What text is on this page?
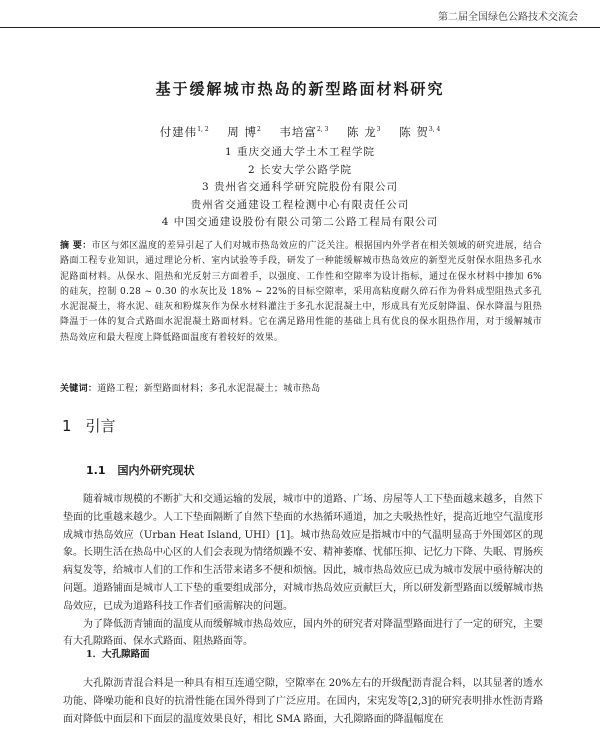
第二届全国绿色公路技术交流会
基于缓解城市热岛的新型路面材料研究
付建伟$^{1, 2}$ 周 博$^2$ 韦培富$^{2, 3}$ 陈 龙$^3$ 陈 贺$^{3, 4}$
1 重庆交通大学土木工程学院
2 长安大学公路学院
3 贵州省交通科学研究院股份有限公司
贵州省交通建设工程检测中心有限责任公司
4 中国交通建设股份有限公司第二公路工程局有限公司
摘 要：市区与郊区温度的差异引起了人们对城市热岛效应的广泛关注。根据国内外学者在相关领域的研究进展，结合路面工程专业知识，通过理论分析、室内试验等手段，研发了一种能缓解城市热岛效应的新型光反射保水阻热多孔水泥路面材料。从保水、阻热和光反射三方面着手，以强度、工作性和空隙率为设计指标，通过在保水材料中掺加 6%的硅灰，控制 0.28 ~ 0.30 的水灰比及 18% ~ 22%的目标空隙率，采用高粘度耐久碎石作为骨料成型阻热式多孔水泥混凝土，将水泥、硅灰和粉煤灰作为保水材料灌注于多孔水泥混凝土中，形成具有光反射降温、保水降温与阻热降温于一体的复合式路面水泥混凝土路面材料。它在满足路用性能的基础上具有优良的保水阻热作用，对于缓解城市热岛效应和最大程度上降低路面温度有着较好的效果。
关键词：道路工程；新型路面材料；多孔水泥混凝土；城市热岛
1 引言
1.1 国内外研究现状

随着城市规模的不断扩大和交通运输的发展，城市中的道路、广场、房屋等人工下垫面越来越多，自然下垫面的比重越来越少。人工下垫面隔断了自然下垫面的水热循环通道，加之夫吸热性好，提高近地空气温度形成城市热岛效应（Urban Heat Island, UHI）[1]。城市热岛效应是指城市中的气温明显高于外围郊区的现象。长期生活在热岛中心区的人们会表现为情绪烦躁不安、精神萎靡、忧郁压抑、记忆力下降、失眠、胃肠疾病复发等，给城市人们的工作和生活带来诸多不便和烦恼。因此，城市热岛效应已成为城市发展中亟待解决的问题。道路铺面是城市人工下垫的重要组成部分，对城市热岛效应贡献巨大，所以研发新型路面以缓解城市热岛效应，已成为道路科技工作者们亟需解决的问题。

为了降低沥青铺面的温度从而缓解城市热岛效应，国内外的研究者对降温型路面进行了一定的研究，主要有大孔隙路面、保水式路面、阻热路面等。

1．大孔隙路面

大孔隙沥青混合料是一种具有相互连通空隙，空隙率在 20%左右的开级配沥青混合料，以其显著的透水功能、降噪功能和良好的抗滑性能在国外得到了广泛应用。在国内，宋宪发等[2,3]的研究表明排水性沥青路面对降低中面层和下面层的温度效果良好，相比 SMA 路面，大孔隙路面的降温幅度在
